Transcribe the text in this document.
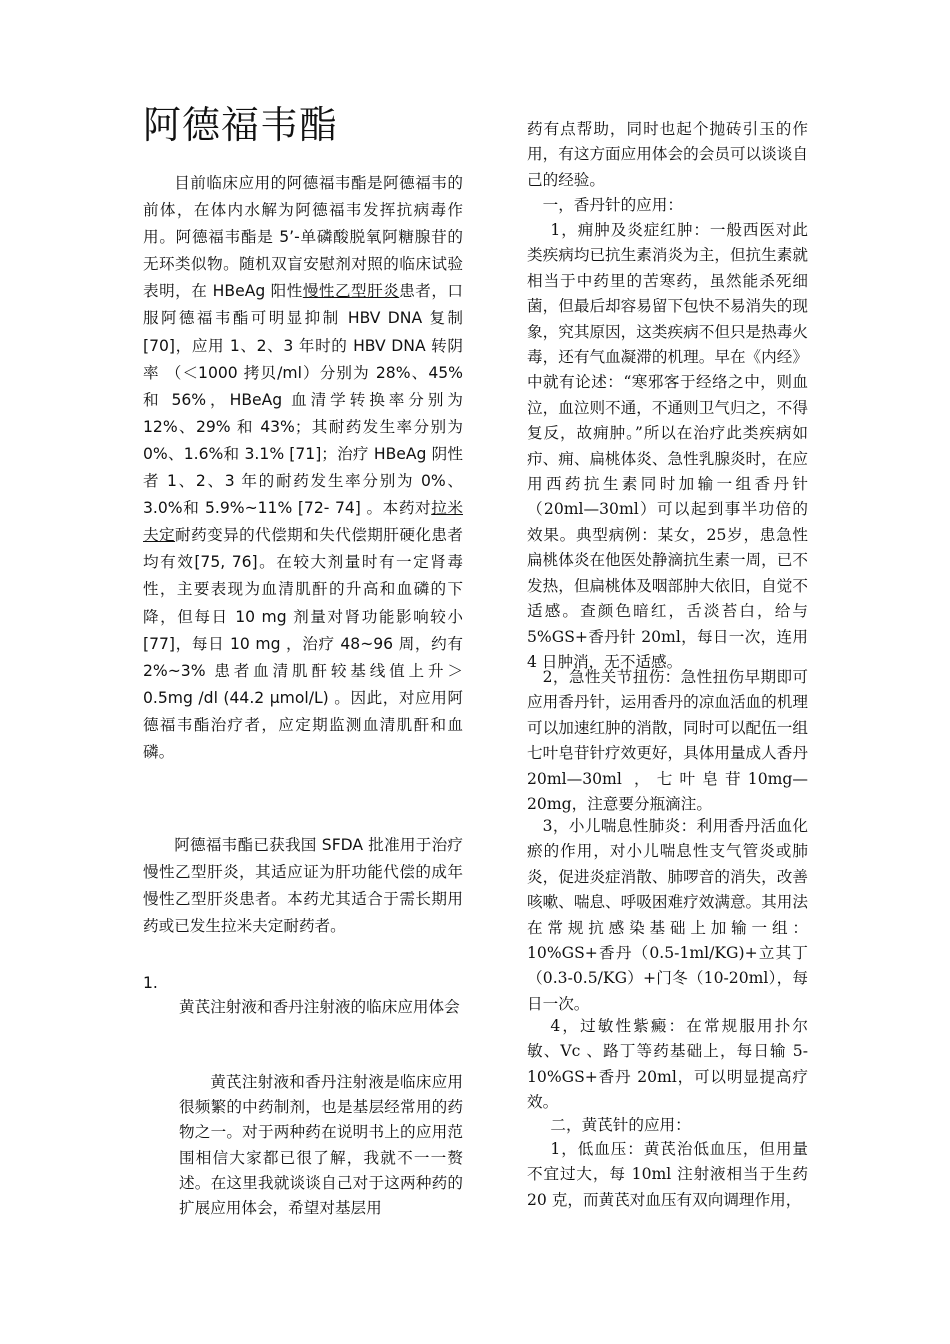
阿德福韦酯

目前临床应用的阿德福韦酯是阿德福韦的前体，在体内水解为阿德福韦发挥抗病毒作用。阿德福韦酯是 5’-单磷酸脱氧阿糖腺苷的无环类似物。随机双盲安慰剂对照的临床试验表明，在 HBeAg 阳性慢性乙型肝炎患者，口服阿德福韦酯可明显抑制 HBV DNA 复制[70]，应用 1、2、3 年时的 HBV DNA 转阴率 （＜1000 拷贝/ml）分别为 28%、45%和 56%，HBeAg 血清学转换率分别为 12%、29% 和 43%；其耐药发生率分别为 0%、1.6%和 3.1% [71]；治疗 HBeAg 阴性者 1、2、3 年的耐药发生率分别为 0%、3.0%和 5.9%~11% [72- 74] 。本药对拉米夫定耐药变异的代偿期和失代偿期肝硬化患者均有效[75, 76]。在较大剂量时有一定肾毒性，主要表现为血清肌酐的升高和血磷的下降，但每日 10 mg 剂量对肾功能影响较小[77]，每日 10 mg ，治疗 48~96 周，约有 2%~3% 患者血清肌酐较基线值上升＞0.5mg /dl (44.2 μmol/L) 。因此，对应用阿德福韦酯治疗者，应定期监测血清肌酐和血磷。

阿德福韦酯已获我国 SFDA 批准用于治疗慢性乙型肝炎，其适应证为肝功能代偿的成年慢性乙型肝炎患者。本药尤其适合于需长期用药或已发生拉米夫定耐药者。

1.

黄芪注射液和香丹注射液的临床应用体会

黄芪注射液和香丹注射液是临床应用很频繁的中药制剂，也是基层经常用的药物之一。对于两种药在说明书上的应用范围相信大家都已很了解，我就不一一赘述。在这里我就谈谈自己对于这两种药的扩展应用体会，希望对基层用

药有点帮助，同时也起个抛砖引玉的作用，有这方面应用体会的会员可以谈谈自己的经验。

一，香丹针的应用：

1，痈肿及炎症红肿：一般西医对此类疾病均已抗生素消炎为主，但抗生素就相当于中药里的苦寒药，虽然能杀死细菌，但最后却容易留下包快不易消失的现象，究其原因，这类疾病不但只是热毒火毒，还有气血凝滞的机理。早在《内经》中就有论述：“寒邪客于经络之中，则血泣，血泣则不通，不通则卫气归之，不得复反，故痈肿。”所以在治疗此类疾病如疖、痈、扁桃体炎、急性乳腺炎时，在应用西药抗生素同时加输一组香丹针（20ml—30ml）可以起到事半功倍的效果。典型病例：某女，25岁，患急性扁桃体炎在他医处静滴抗生素一周，已不发热，但扁桃体及咽部肿大依旧，自觉不适感。查颜色暗红，舌淡苔白，给与 5%GS+香丹针 20ml，每日一次，连用 4 日肿消，无不适感。

2，急性关节扭伤：急性扭伤早期即可应用香丹针，运用香丹的凉血活血的机理可以加速红肿的消散，同时可以配伍一组七叶皂苷针疗效更好，具体用量成人香丹 20ml—30ml ，七叶皂苷10mg—20mg，注意要分瓶滴注。

3，小儿喘息性肺炎：利用香丹活血化瘀的作用，对小儿喘息性支气管炎或肺炎，促进炎症消散、肺啰音的消失，改善咳嗽、喘息、呼吸困难疗效满意。其用法在常规抗感染基础上加输一组：10%GS+香丹（0.5-1ml/KG)+立其丁（0.3-0.5/KG）+门冬（10-20ml），每日一次。

4，过敏性紫癜：在常规服用扑尔敏、Vc 、路丁等药基础上，每日输 5-10%GS+香丹 20ml，可以明显提高疗效。

二，黄芪针的应用：

1，低血压：黄芪治低血压，但用量不宜过大，每 10ml 注射液相当于生药 20 克，而黄芪对血压有双向调理作用，
